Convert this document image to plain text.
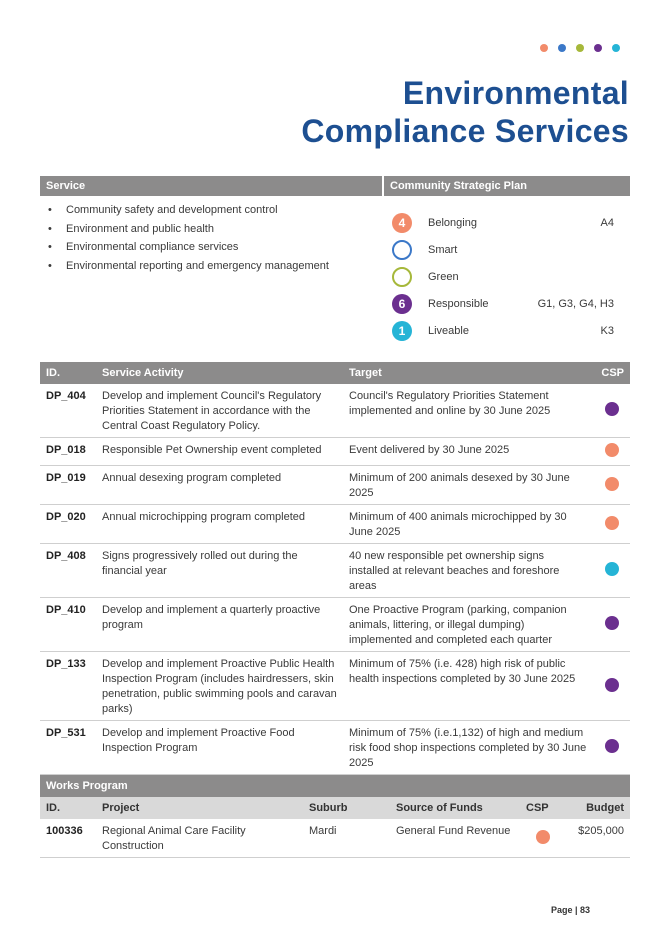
Environmental
Compliance Services
Service	Community Strategic Plan
• Community safety and development control
• Environment and public health
• Environmental compliance services
• Environmental reporting and emergency management
4	Belonging	A4
Smart
Green
6	Responsible	G1, G3, G4, H3
1	Liveable	K3
ID.	Service Activity	Target	CSP
DP_404	Develop and implement Council's Regulatory Priorities Statement in accordance with the Central Coast Regulatory Policy.	Council's Regulatory Priorities Statement implemented and online by 30 June 2025	
DP_018	Responsible Pet Ownership event completed	Event delivered by 30 June 2025	
DP_019	Annual desexing program completed	Minimum of 200 animals desexed by 30 June 2025	
DP_020	Annual microchipping program completed	Minimum of 400 animals microchipped by 30 June 2025	
DP_408	Signs progressively rolled out during the financial year	40 new responsible pet ownership signs installed at relevant beaches and foreshore areas	
DP_410	Develop and implement a quarterly proactive program	One Proactive Program (parking, companion animals, littering, or illegal dumping) implemented and completed each quarter	
DP_133	Develop and implement Proactive Public Health Inspection Program (includes hairdressers, skin penetration, public swimming pools and caravan parks)	Minimum of 75% (i.e. 428) high risk of public health inspections completed by 30 June 2025	
DP_531	Develop and implement Proactive Food Inspection Program	Minimum of 75% (i.e.1,132) of high and medium risk food shop inspections completed by 30 June 2025	
Works Program					
ID.	Project	Suburb	Source of Funds	CSP	Budget
100336	Regional Animal Care Facility Construction	Mardi	General Fund Revenue		$205,000
Page | 83
